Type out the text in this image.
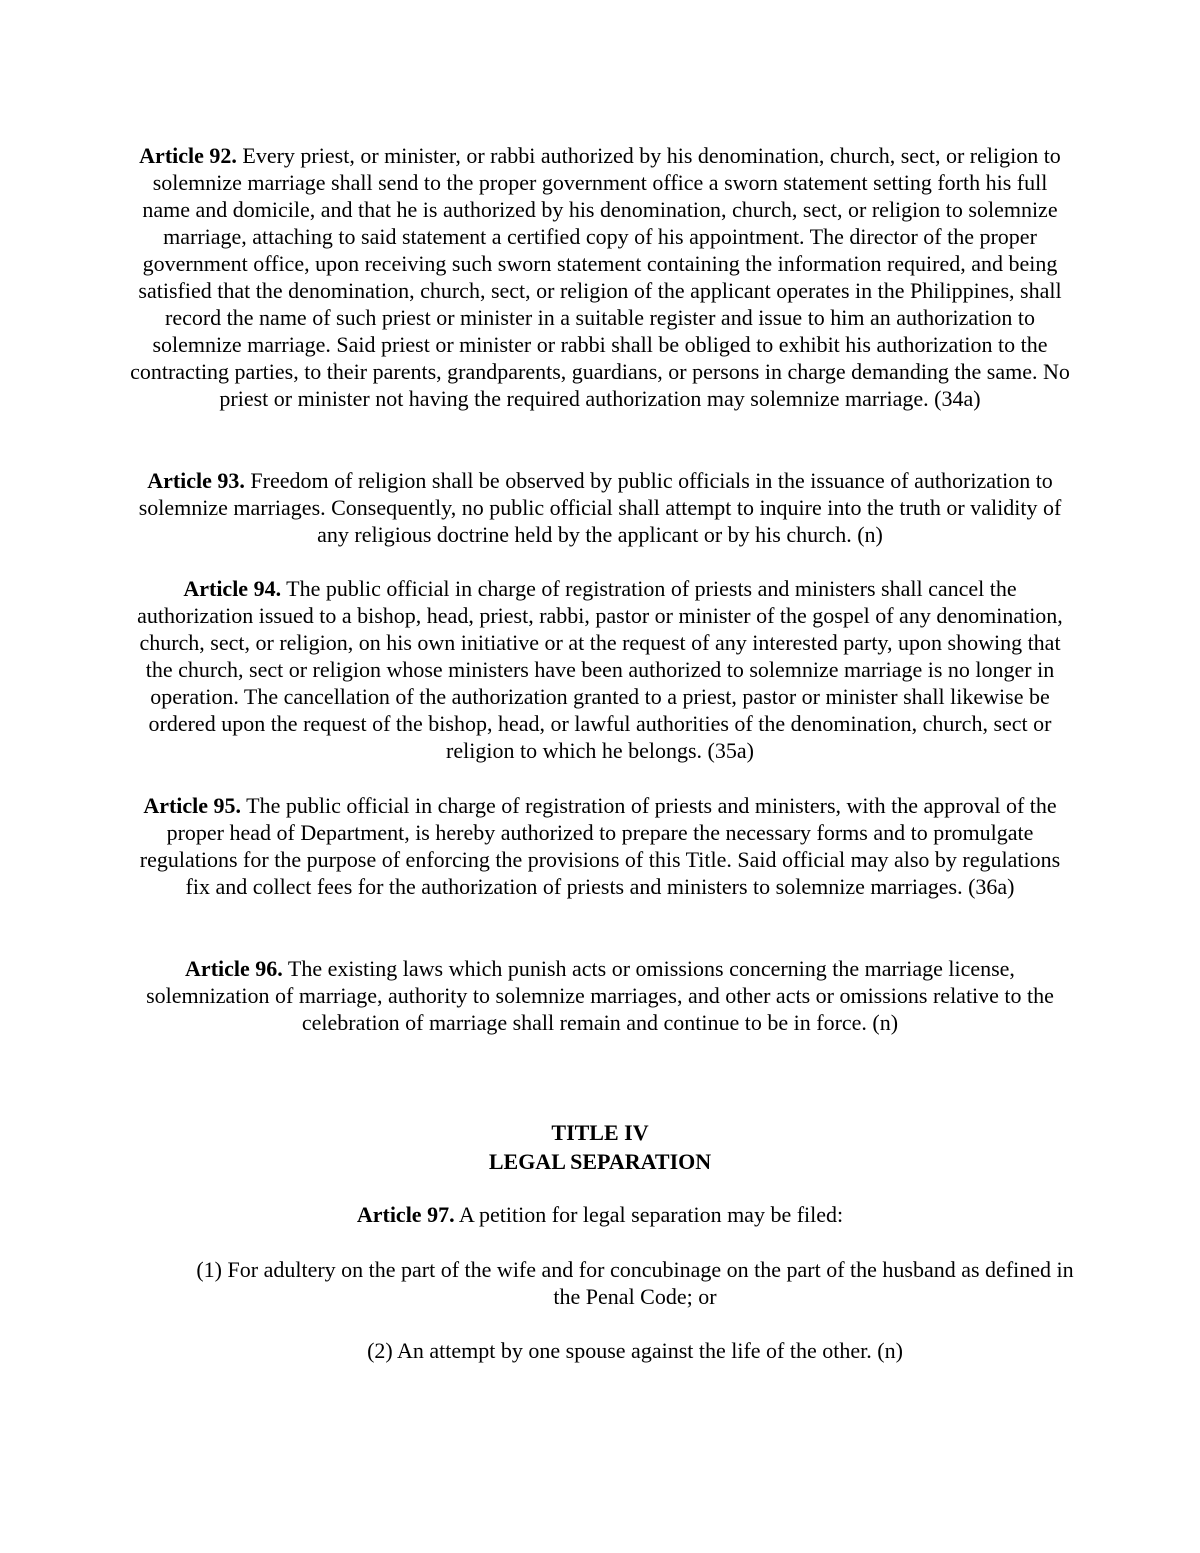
Article 92. Every priest, or minister, or rabbi authorized by his denomination, church, sect, or religion to solemnize marriage shall send to the proper government office a sworn statement setting forth his full name and domicile, and that he is authorized by his denomination, church, sect, or religion to solemnize marriage, attaching to said statement a certified copy of his appointment. The director of the proper government office, upon receiving such sworn statement containing the information required, and being satisfied that the denomination, church, sect, or religion of the applicant operates in the Philippines, shall record the name of such priest or minister in a suitable register and issue to him an authorization to solemnize marriage. Said priest or minister or rabbi shall be obliged to exhibit his authorization to the contracting parties, to their parents, grandparents, guardians, or persons in charge demanding the same. No priest or minister not having the required authorization may solemnize marriage. (34a)

Article 93. Freedom of religion shall be observed by public officials in the issuance of authorization to solemnize marriages. Consequently, no public official shall attempt to inquire into the truth or validity of any religious doctrine held by the applicant or by his church. (n)

Article 94. The public official in charge of registration of priests and ministers shall cancel the authorization issued to a bishop, head, priest, rabbi, pastor or minister of the gospel of any denomination, church, sect, or religion, on his own initiative or at the request of any interested party, upon showing that the church, sect or religion whose ministers have been authorized to solemnize marriage is no longer in operation. The cancellation of the authorization granted to a priest, pastor or minister shall likewise be ordered upon the request of the bishop, head, or lawful authorities of the denomination, church, sect or religion to which he belongs. (35a)

Article 95. The public official in charge of registration of priests and ministers, with the approval of the proper head of Department, is hereby authorized to prepare the necessary forms and to promulgate regulations for the purpose of enforcing the provisions of this Title. Said official may also by regulations fix and collect fees for the authorization of priests and ministers to solemnize marriages. (36a)

Article 96. The existing laws which punish acts or omissions concerning the marriage license, solemnization of marriage, authority to solemnize marriages, and other acts or omissions relative to the celebration of marriage shall remain and continue to be in force. (n)

TITLE IV

LEGAL SEPARATION

Article 97. A petition for legal separation may be filed:

(1) For adultery on the part of the wife and for concubinage on the part of the husband as defined in the Penal Code; or

(2) An attempt by one spouse against the life of the other. (n)
